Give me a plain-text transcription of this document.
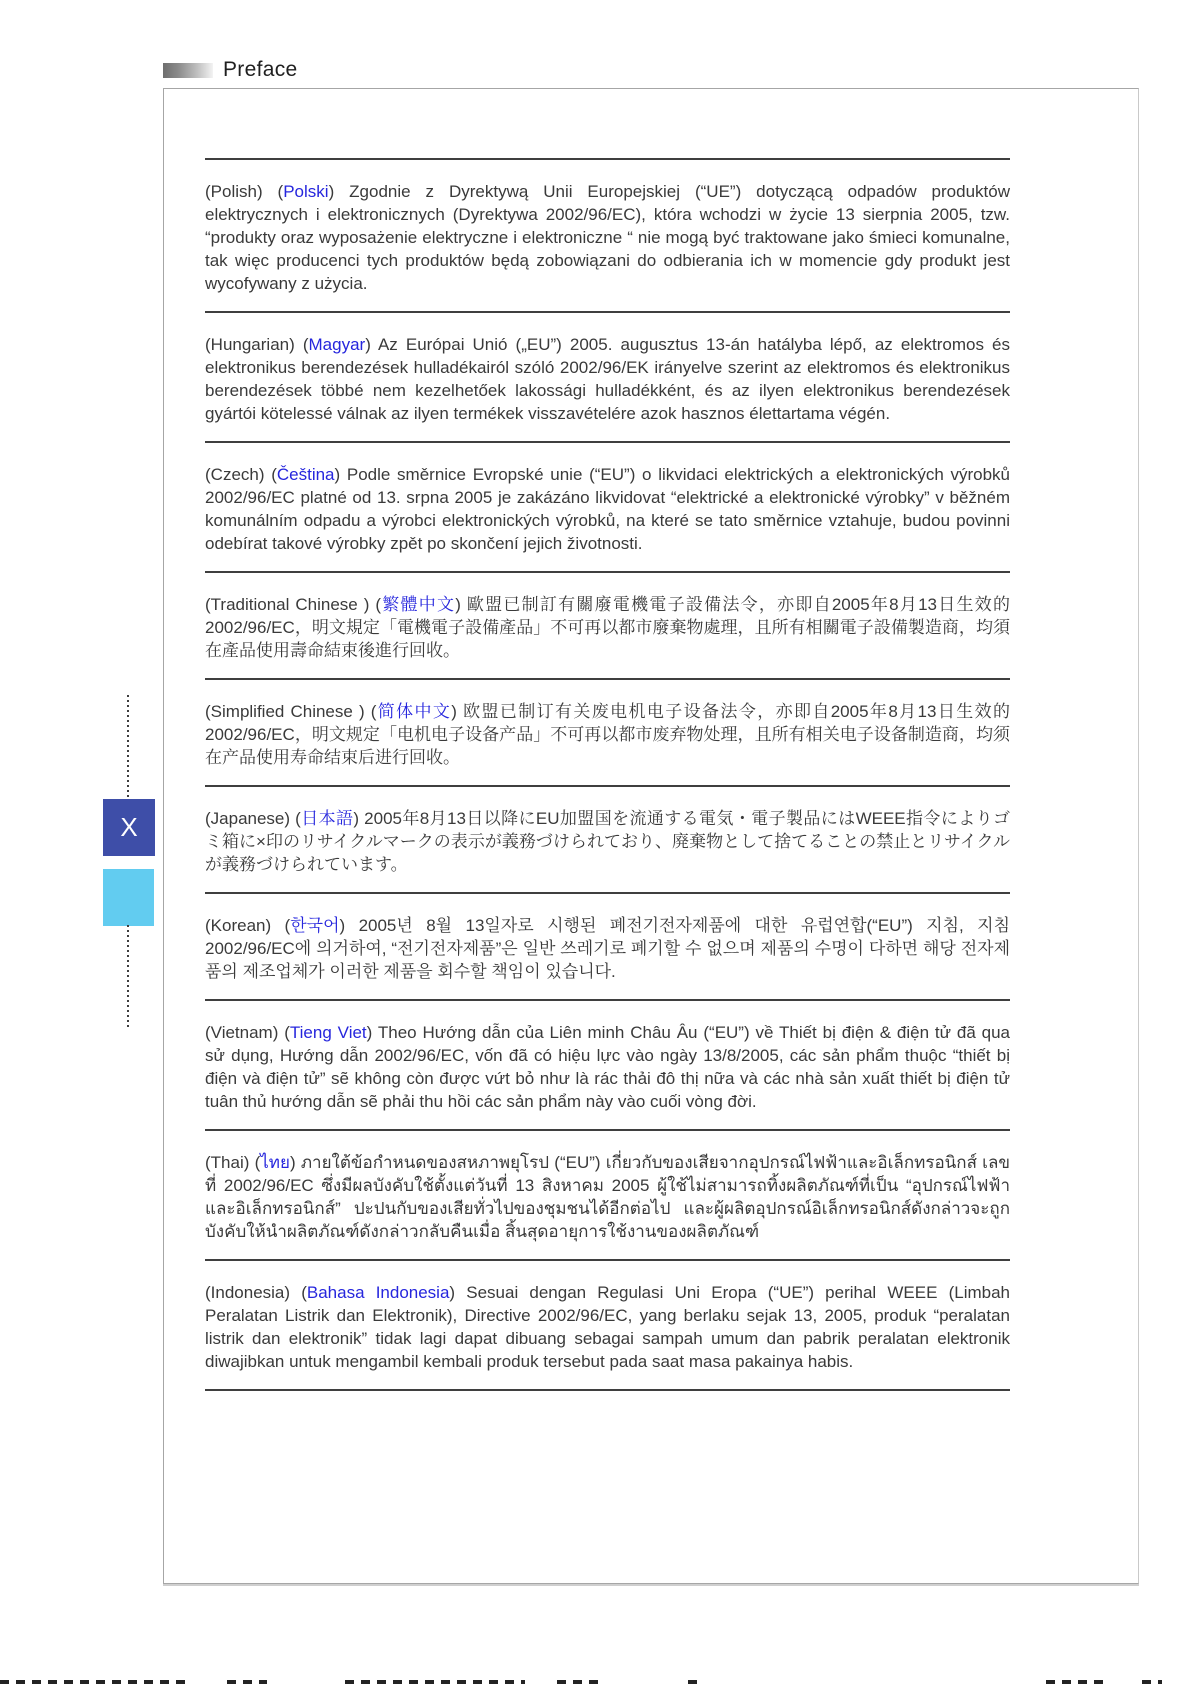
Preface
X

(Polish) (Polski) Zgodnie z Dyrektywą Unii Europejskiej (“UE”) dotyczącą odpadów produktów elektrycznych i elektronicznych (Dyrektywa 2002/96/EC), która wchodzi w życie 13 sierpnia 2005, tzw. “produkty oraz wyposażenie elektryczne i elektroniczne “ nie mogą być traktowane jako śmieci komunalne, tak więc producenci tych produktów będą zobowiązani do odbierania ich w momencie gdy produkt jest wycofywany z użycia.

(Hungarian) (Magyar) Az Európai Unió („EU”) 2005. augusztus 13-án hatályba lépő, az elektromos és elektronikus berendezések hulladékairól szóló 2002/96/EK irányelve szerint az elektromos és elektronikus berendezések többé nem kezelhetőek lakossági hulladékként, és az ilyen elektronikus berendezések gyártói kötelessé válnak az ilyen termékek visszavételére azok hasznos élettartama végén.

(Czech) (Čeština) Podle směrnice Evropské unie (“EU”) o likvidaci elektrických a elektronických výrobků 2002/96/EC platné od 13. srpna 2005 je zakázáno likvidovat “elektrické a elektronické výrobky” v běžném komunálním odpadu a výrobci elektronických výrobků, na které se tato směrnice vztahuje, budou povinni odebírat takové výrobky zpět po skončení jejich životnosti.

(Traditional Chinese ) (繁體中文) 歐盟已制訂有關廢電機電子設備法令，亦即自2005年8月13日生效的2002/96/EC，明文規定「電機電子設備產品」不可再以都市廢棄物處理，且所有相關電子設備製造商，均須在產品使用壽命結束後進行回收。

(Simplified Chinese ) (简体中文) 欧盟已制订有关废电机电子设备法令，亦即自2005年8月13日生效的2002/96/EC，明文规定「电机电子设备产品」不可再以都市废弃物处理，且所有相关电子设备制造商，均须在产品使用寿命结束后进行回收。

(Japanese) (日本語) 2005年8月13日以降にEU加盟国を流通する電気・電子製品にはWEEE指令によりゴミ箱に×印のリサイクルマークの表示が義務づけられており、廃棄物として捨てることの禁止とリサイクルが義務づけられています。

(Korean) (한국어) 2005년 8월 13일자로 시행된 폐전기전자제품에 대한 유럽연합(“EU”) 지침, 지침 2002/96/EC에 의거하여, “전기전자제품”은 일반 쓰레기로 폐기할 수 없으며 제품의 수명이 다하면 해당 전자제품의 제조업체가 이러한 제품을 회수할 책임이 있습니다.

(Vietnam) (Tieng Viet) Theo Hướng dẫn của Liên minh Châu Âu (“EU”) về Thiết bị điện & điện tử đã qua sử dụng, Hướng dẫn 2002/96/EC, vốn đã có hiệu lực vào ngày 13/8/2005, các sản phẩm thuộc “thiết bị điện và điện tử” sẽ không còn được vứt bỏ như là rác thải đô thị nữa và các nhà sản xuất thiết bị điện tử tuân thủ hướng dẫn sẽ phải thu hồi các sản phẩm này vào cuối vòng đời.

(Thai) (ไทย) ภายใต้ข้อกำหนดของสหภาพยุโรป (“EU”) เกี่ยวกับของเสียจากอุปกรณ์ไฟฟ้าและอิเล็กทรอนิกส์ เลขที่ 2002/96/EC ซึ่งมีผลบังคับใช้ตั้งแต่วันที่ 13 สิงหาคม 2005 ผู้ใช้ไม่สามารถทิ้งผลิตภัณฑ์ที่เป็น “อุปกรณ์ไฟฟ้าและอิเล็กทรอนิกส์” ปะปนกับของเสียทั่วไปของชุมชนได้อีกต่อไป และผู้ผลิตอุปกรณ์อิเล็กทรอนิกส์ดังกล่าวจะถูกบังคับให้นำผลิตภัณฑ์ดังกล่าวกลับคืนเมื่อ สิ้นสุดอายุการใช้งานของผลิตภัณฑ์

(Indonesia) (Bahasa Indonesia) Sesuai dengan Regulasi Uni Eropa (“UE”) perihal WEEE (Limbah Peralatan Listrik dan Elektronik), Directive 2002/96/EC, yang berlaku sejak 13, 2005, produk “peralatan listrik dan elektronik” tidak lagi dapat dibuang sebagai sampah umum dan pabrik peralatan elektronik diwajibkan untuk mengambil kembali produk tersebut pada saat masa pakainya habis.
